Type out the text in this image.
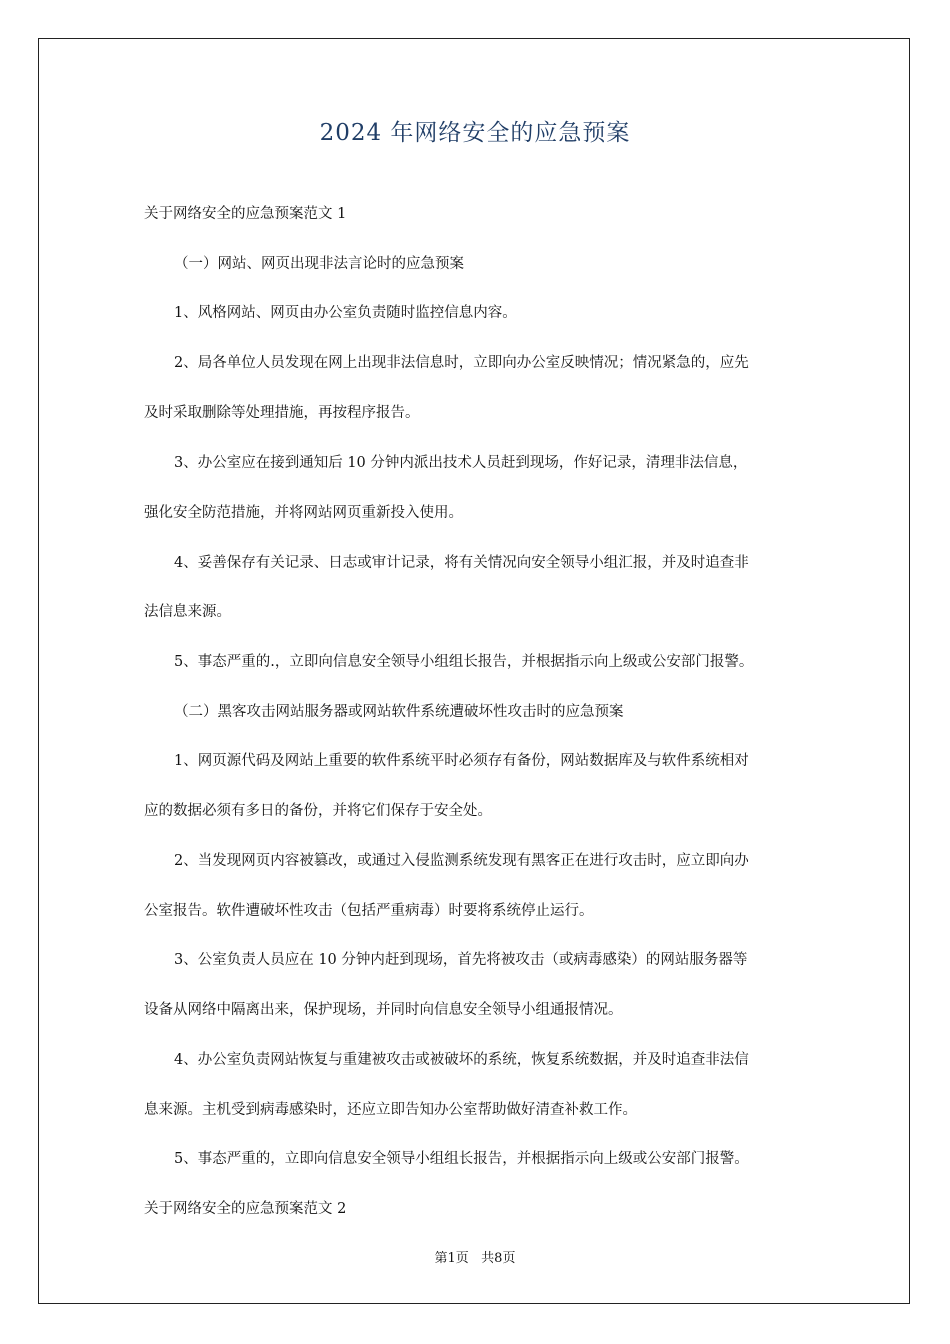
2024 年网络安全的应急预案
关于网络安全的应急预案范文 1
（一）网站、网页出现非法言论时的应急预案
1、风格网站、网页由办公室负责随时监控信息内容。
2、局各单位人员发现在网上出现非法信息时，立即向办公室反映情况；情况紧急的，应先
及时采取删除等处理措施，再按程序报告。
3、办公室应在接到通知后 10 分钟内派出技术人员赶到现场，作好记录，清理非法信息，
强化安全防范措施，并将网站网页重新投入使用。
4、妥善保存有关记录、日志或审计记录，将有关情况向安全领导小组汇报，并及时追查非
法信息来源。
5、事态严重的.，立即向信息安全领导小组组长报告，并根据指示向上级或公安部门报警。
（二）黑客攻击网站服务器或网站软件系统遭破坏性攻击时的应急预案
1、网页源代码及网站上重要的软件系统平时必须存有备份，网站数据库及与软件系统相对
应的数据必须有多日的备份，并将它们保存于安全处。
2、当发现网页内容被篡改，或通过入侵监测系统发现有黑客正在进行攻击时，应立即向办
公室报告。软件遭破坏性攻击（包括严重病毒）时要将系统停止运行。
3、公室负责人员应在 10 分钟内赶到现场，首先将被攻击（或病毒感染）的网站服务器等
设备从网络中隔离出来，保护现场，并同时向信息安全领导小组通报情况。
4、办公室负责网站恢复与重建被攻击或被破坏的系统，恢复系统数据，并及时追查非法信
息来源。主机受到病毒感染时，还应立即告知办公室帮助做好清查补救工作。
5、事态严重的，立即向信息安全领导小组组长报告，并根据指示向上级或公安部门报警。
关于网络安全的应急预案范文 2
第1页   共8页
